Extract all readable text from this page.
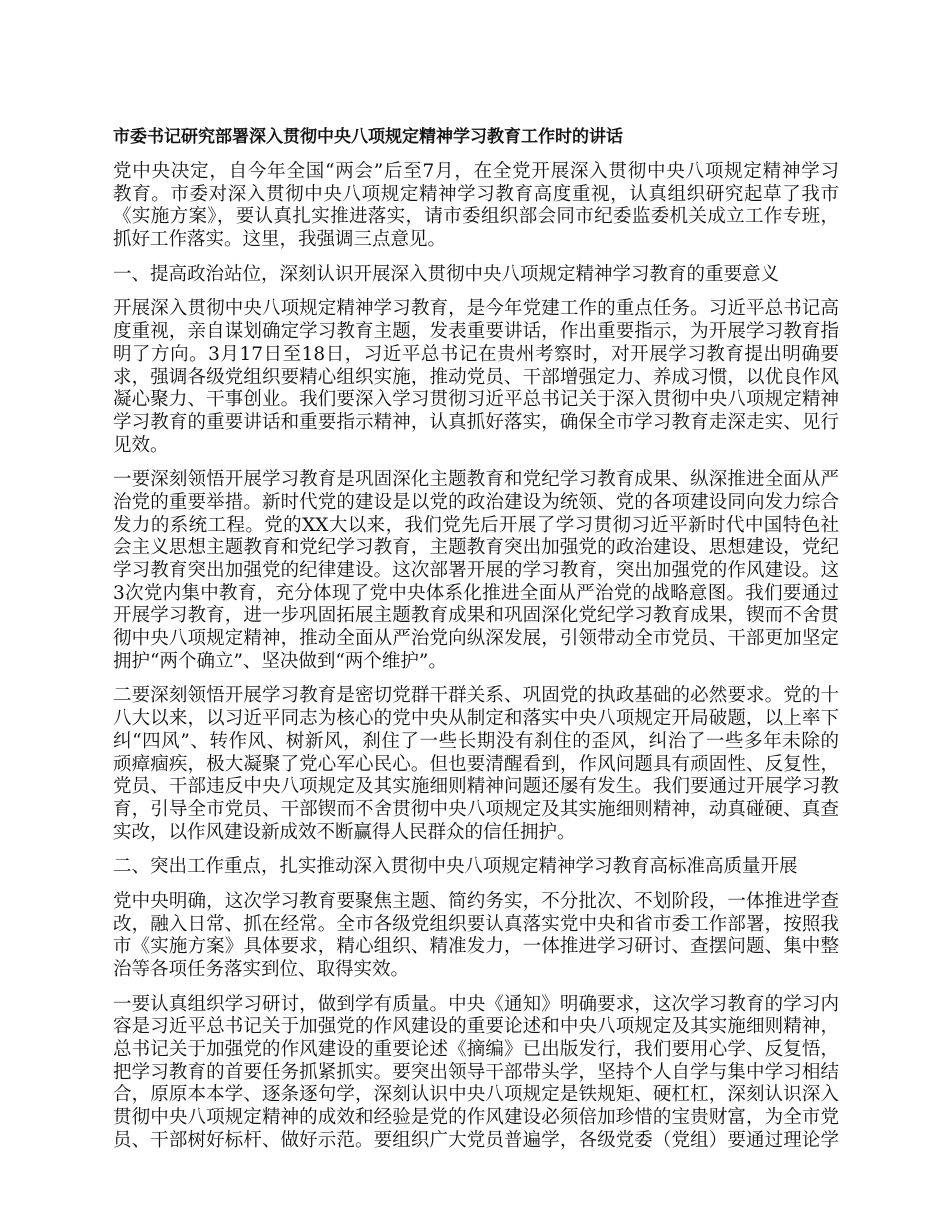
市委书记研究部署深入贯彻中央八项规定精神学习教育工作时的讲话
党中央决定，自今年全国“两会”后至7月，在全党开展深入贯彻中央八项规定精神学习
教育。市委对深入贯彻中央八项规定精神学习教育高度重视，认真组织研究起草了我市
《实施方案》，要认真扎实推进落实，请市委组织部会同市纪委监委机关成立工作专班，
抓好工作落实。这里，我强调三点意见。
一、提高政治站位，深刻认识开展深入贯彻中央八项规定精神学习教育的重要意义
开展深入贯彻中央八项规定精神学习教育，是今年党建工作的重点任务。习近平总书记高
度重视，亲自谋划确定学习教育主题，发表重要讲话，作出重要指示，为开展学习教育指
明了方向。3月17日至18日，习近平总书记在贵州考察时，对开展学习教育提出明确要
求，强调各级党组织要精心组织实施，推动党员、干部增强定力、养成习惯，以优良作风
凝心聚力、干事创业。我们要深入学习贯彻习近平总书记关于深入贯彻中央八项规定精神
学习教育的重要讲话和重要指示精神，认真抓好落实，确保全市学习教育走深走实、见行
见效。
一要深刻领悟开展学习教育是巩固深化主题教育和党纪学习教育成果、纵深推进全面从严
治党的重要举措。新时代党的建设是以党的政治建设为统领、党的各项建设同向发力综合
发力的系统工程。党的XX大以来，我们党先后开展了学习贯彻习近平新时代中国特色社
会主义思想主题教育和党纪学习教育，主题教育突出加强党的政治建设、思想建设，党纪
学习教育突出加强党的纪律建设。这次部署开展的学习教育，突出加强党的作风建设。这
3次党内集中教育，充分体现了党中央体系化推进全面从严治党的战略意图。我们要通过
开展学习教育，进一步巩固拓展主题教育成果和巩固深化党纪学习教育成果，锲而不舍贯
彻中央八项规定精神，推动全面从严治党向纵深发展，引领带动全市党员、干部更加坚定
拥护“两个确立”、坚决做到“两个维护”。
二要深刻领悟开展学习教育是密切党群干群关系、巩固党的执政基础的必然要求。党的十
八大以来，以习近平同志为核心的党中央从制定和落实中央八项规定开局破题，以上率下
纠“四风”、转作风、树新风，刹住了一些长期没有刹住的歪风，纠治了一些多年未除的
顽瘴痼疾，极大凝聚了党心军心民心。但也要清醒看到，作风问题具有顽固性、反复性，
党员、干部违反中央八项规定及其实施细则精神问题还屡有发生。我们要通过开展学习教
育，引导全市党员、干部锲而不舍贯彻中央八项规定及其实施细则精神，动真碰硬、真查
实改，以作风建设新成效不断赢得人民群众的信任拥护。
二、突出工作重点，扎实推动深入贯彻中央八项规定精神学习教育高标准高质量开展
党中央明确，这次学习教育要聚焦主题、简约务实，不分批次、不划阶段，一体推进学查
改，融入日常、抓在经常。全市各级党组织要认真落实党中央和省市委工作部署，按照我
市《实施方案》具体要求，精心组织、精准发力，一体推进学习研讨、查摆问题、集中整
治等各项任务落实到位、取得实效。
一要认真组织学习研讨，做到学有质量。中央《通知》明确要求，这次学习教育的学习内
容是习近平总书记关于加强党的作风建设的重要论述和中央八项规定及其实施细则精神，
总书记关于加强党的作风建设的重要论述《摘编》已出版发行，我们要用心学、反复悟，
把学习教育的首要任务抓紧抓实。要突出领导干部带头学，坚持个人自学与集中学习相结
合，原原本本学、逐条逐句学，深刻认识中央八项规定是铁规矩、硬杠杠，深刻认识深入
贯彻中央八项规定精神的成效和经验是党的作风建设必须倍加珍惜的宝贵财富，为全市党
员、干部树好标杆、做好示范。要组织广大党员普遍学，各级党委（党组）要通过理论学
